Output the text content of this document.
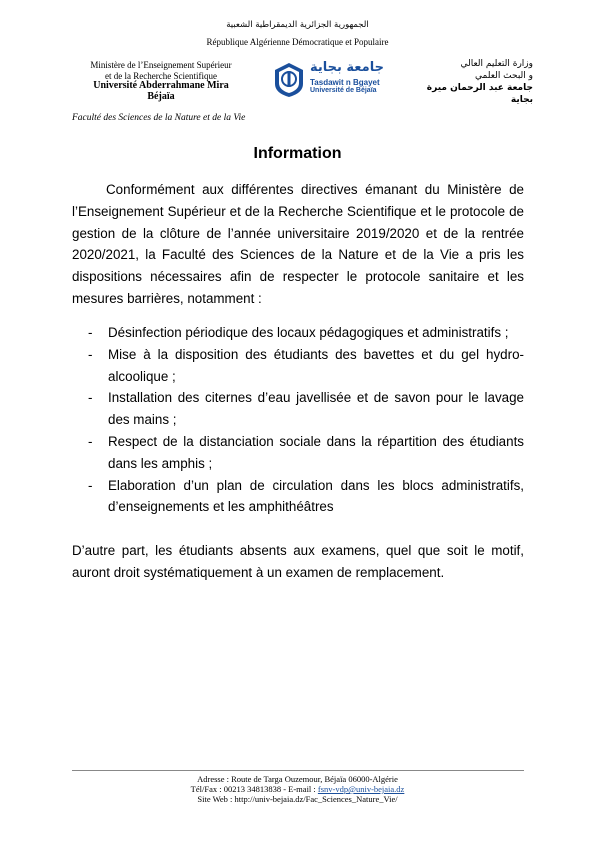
الجمهورية الجزائرية الديمقراطية الشعبية
République Algérienne Démocratique et Populaire
Ministère de l’Enseignement Supérieur
et de la Recherche Scientifique
Université Abderrahmane Mira
Béjaïa
Faculté des Sciences de la Nature et de la Vie
جامعة بجاية
Tasdawit n Bgayet
Université de Béjaïa
وزارة التعليم العالي
و البحث العلمي
جامعة عبد الرحمان ميرة
بجاية
Information
Conformément aux différentes directives émanant du Ministère de l’Enseignement Supérieur et de la Recherche Scientifique et le protocole de gestion de la clôture de l’année universitaire 2019/2020 et de la rentrée 2020/2021, la Faculté des Sciences de la Nature et de la Vie a pris les dispositions nécessaires afin de respecter le protocole sanitaire et les mesures barrières, notamment :
- Désinfection périodique des locaux pédagogiques et administratifs ;
- Mise à la disposition des étudiants des bavettes et du gel hydro-alcoolique ;
- Installation des citernes d’eau javellisée et de savon pour le lavage des mains ;
- Respect de la distanciation sociale dans la répartition des étudiants dans les amphis ;
- Elaboration d’un plan de circulation dans les blocs administratifs, d’enseignements et les amphithéâtres
D’autre part, les étudiants absents aux examens, quel que soit le motif, auront droit systématiquement à un examen de remplacement.
Adresse : Route de Targa Ouzemour, Béjaïa 06000-Algérie
Tél/Fax : 00213 34813838 - E-mail : fsnv-vdp@univ-bejaia.dz
Site Web : http://univ-bejaia.dz/Fac_Sciences_Nature_Vie/
